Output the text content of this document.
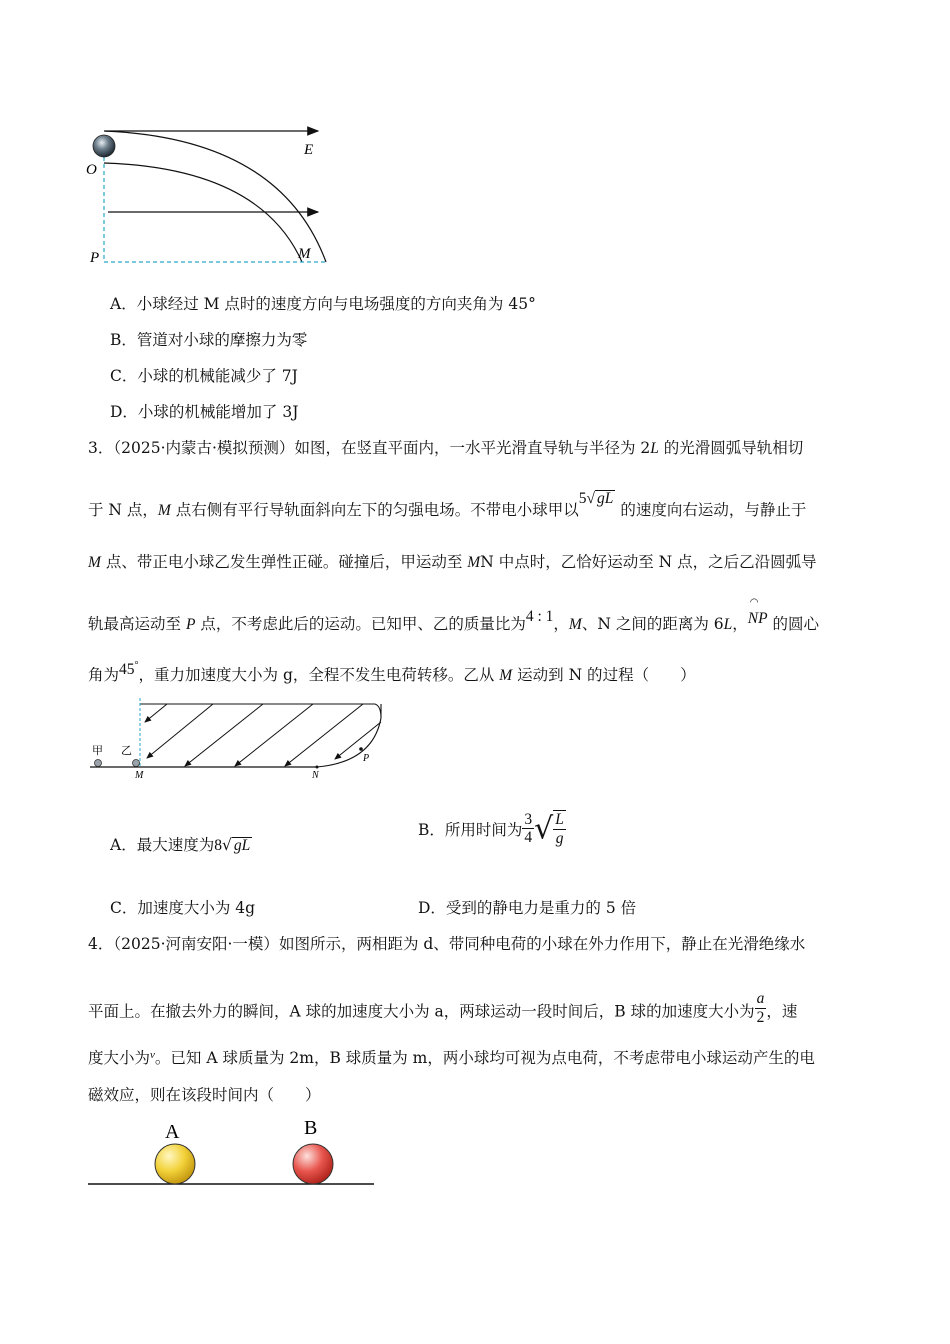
O
E
P	M
A．小球经过 M 点时的速度方向与电场强度的方向夹角为 45°
B．管道对小球的摩擦力为零
C．小球的机械能减少了 7J
D．小球的机械能增加了 3J
3．（2025·内蒙古·模拟预测）如图，在竖直平面内，一水平光滑直导轨与半径为 2L 的光滑圆弧导轨相切
于 N 点，M 点右侧有平行导轨面斜向左下的匀强电场。不带电小球甲以5√ gL 的速度向右运动，与静止于
M 点、带正电小球乙发生弹性正碰。碰撞后，甲运动至 MN 中点时，乙恰好运动至 N 点，之后乙沿圆弧导
轨最高运动至 P 点，不考虑此后的运动。已知甲、乙的质量比为4 : 1，M、N 之间的距离为 6L，
◠
NP 的圆心
角为45°，重力加速度大小为 g，全程不发生电荷转移。乙从 M 运动到 N 的过程（　　）
甲 乙
M	N
P
A．最大速度为8√ gL
B．所用时间为 $\frac{3}{4}$ √ $\frac{L}{g}$
C．加速度大小为 4g	D．受到的静电力是重力的 5 倍
4．（2025·河南安阳·一模）如图所示，两相距为 d、带同种电荷的小球在外力作用下，静止在光滑绝缘水
平面上。在撤去外力的瞬间，A 球的加速度大小为 a，两球运动一段时间后，B 球的加速度大小为 $\frac{a}{2}$ ，速
度大小为$^v$。已知 A 球质量为 2m，B 球质量为 m，两小球均可视为点电荷，不考虑带电小球运动产生的电
磁效应，则在该段时间内（　　）
A	B
